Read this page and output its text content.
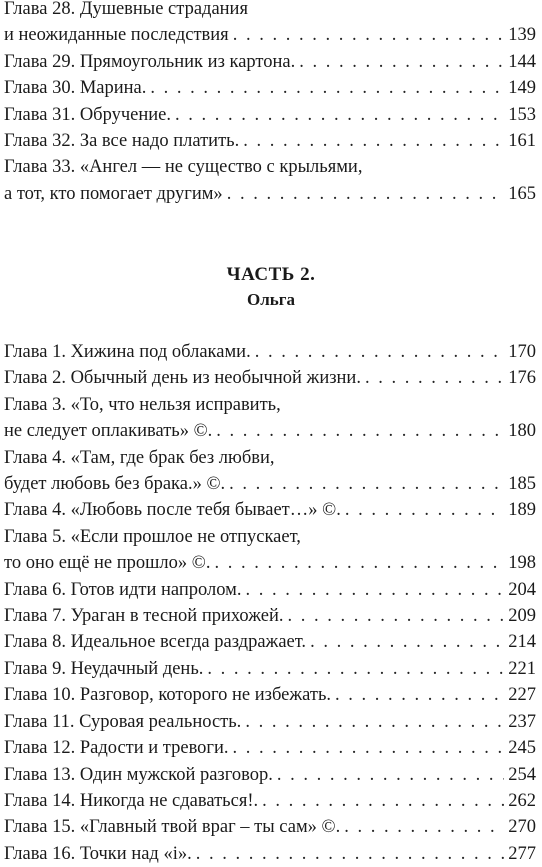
Глава 28. Душевные страдания
и неожиданные последствия . . .	139
Глава 29. Прямоугольник из картона. . . .	144
Глава 30. Марина. . . .	149
Глава 31. Обручение. . . .	153
Глава 32. За все надо платить. . . .	161
Глава 33. «Ангел — не существо с крыльями,
а тот, кто помогает другим» . . .	165
ЧАСТЬ 2.
Ольга
Глава 1. Хижина под облаками. . . .	170
Глава 2. Обычный день из необычной жизни. . . .	176
Глава 3. «То, что нельзя исправить,
не следует оплакивать» ©. . . .	180
Глава 4. «Там, где брак без любви,
будет любовь без брака.» ©. . . .	185
Глава 4. «Любовь после тебя бывает…» ©. . . .	189
Глава 5. «Если прошлое не отпускает,
то оно ещё не прошло» ©. . . .	198
Глава 6. Готов идти напролом. . . .	204
Глава 7. Ураган в тесной прихожей. . . .	209
Глава 8. Идеальное всегда раздражает. . . .	214
Глава 9. Неудачный день. . . .	221
Глава 10. Разговор, которого не избежать. . . .	227
Глава 11. Суровая реальность. . . .	237
Глава 12. Радости и тревоги. . . .	245
Глава 13. Один мужской разговор. . . .	254
Глава 14. Никогда не сдаваться!. . . .	262
Глава 15. «Главный твой враг – ты сам» ©. . . .	270
Глава 16. Точки над «i». . . .	277
